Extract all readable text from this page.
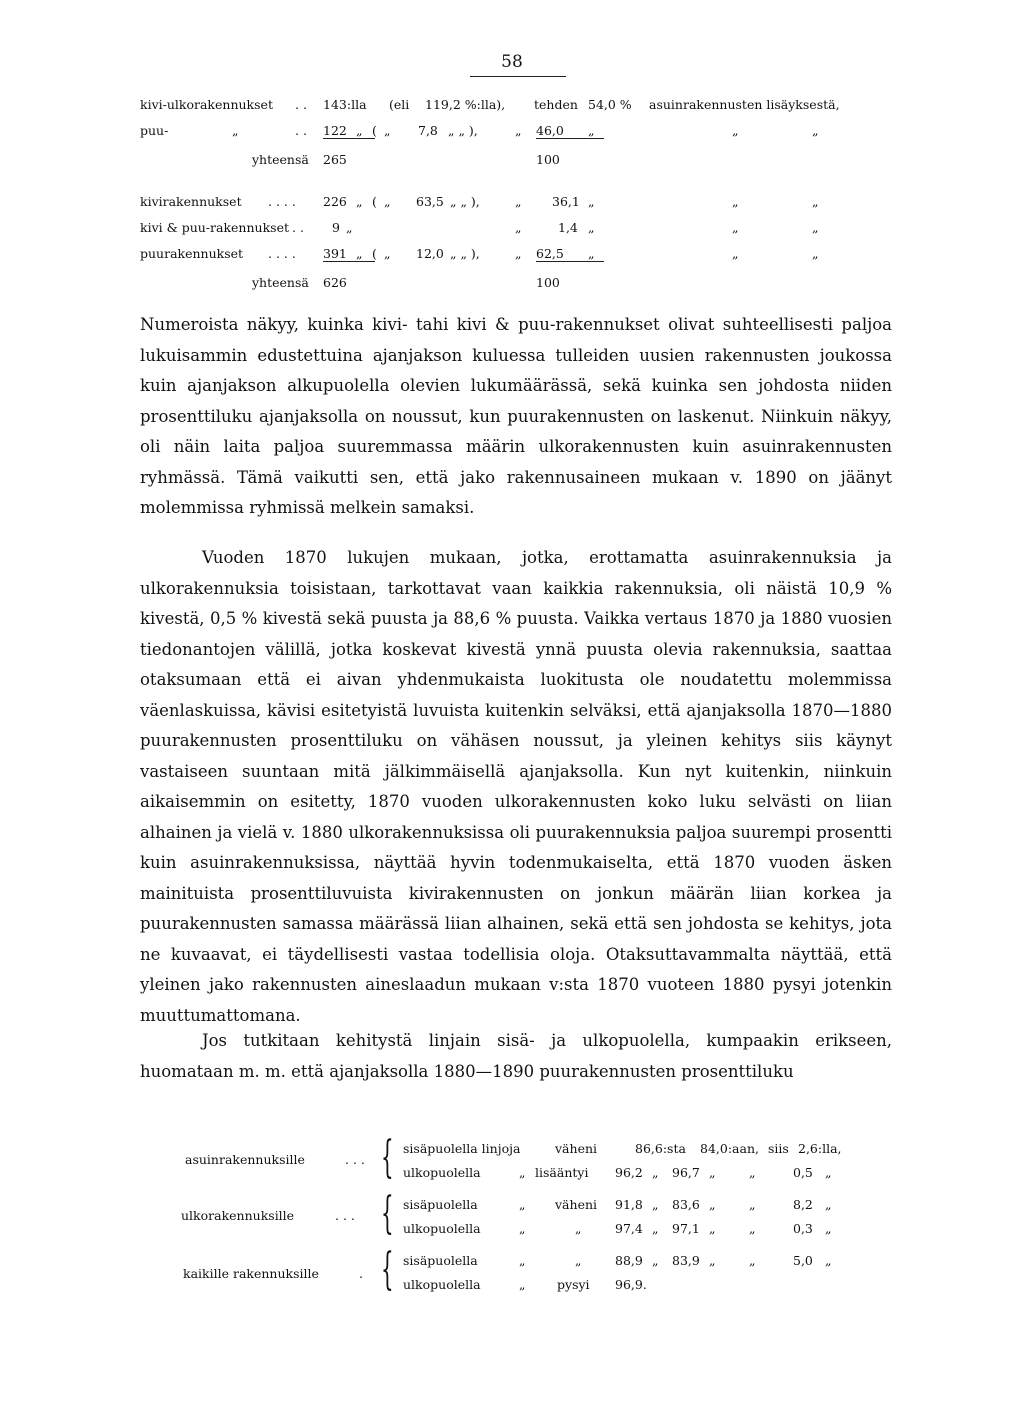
58
kivi-ulkorakennukset . . 143:lla (eli 119,2 %:lla), tehden 54,0 % asuinrakennusten lisäyksestä,
puu-	„	. . 122 „ ( „ 7,8 „ „ ),	„ 46,0	„	„	„
yhteensä 265	100
kivirakennukset . . . . 226 „ ( „ 63,5 „ „ ),	„ 36,1 „	„	„
kivi & puu-rakennukset . . 9 „	„	1,4 „	„	„
puurakennukset . . . . 391 „ ( „ 12,0 „ „ ),	„ 62,5	„	„	„
yhteensä 626	100

Numeroista näkyy, kuinka kivi- tahi kivi & puu-rakennukset olivat suhteellisesti paljoa lukuisammin edustettuina ajanjakson kuluessa tulleiden uusien rakennusten joukossa kuin ajanjakson alkupuolella olevien lukumäärässä, sekä kuinka sen johdosta niiden prosenttiluku ajanjaksolla on noussut, kun puurakennusten on laskenut. Niinkuin näkyy, oli näin laita paljoa suuremmassa määrin ulkorakennusten kuin asuinrakennusten ryhmässä. Tämä vaikutti sen, että jako rakennusaineen mukaan v. 1890 on jäänyt molemmissa ryhmissä melkein samaksi.

Vuoden 1870 lukujen mukaan, jotka, erottamatta asuinrakennuksia ja ulkorakennuksia toisistaan, tarkottavat vaan kaikkia rakennuksia, oli näistä 10,9 % kivestä, 0,5 % kivestä sekä puusta ja 88,6 % puusta. Vaikka vertaus 1870 ja 1880 vuosien tiedonantojen välillä, jotka koskevat kivestä ynnä puusta olevia rakennuksia, saattaa otaksumaan että ei aivan yhdenmukaista luokitusta ole noudatettu molemmissa väenlaskuissa, kävisi esitetyistä luvuista kuitenkin selväksi, että ajanjaksolla 1870—1880 puurakennusten prosenttiluku on vähäsen noussut, ja yleinen kehitys siis käynyt vastaiseen suuntaan mitä jälkimmäisellä ajanjaksolla. Kun nyt kuitenkin, niinkuin aikaisemmin on esitetty, 1870 vuoden ulkorakennusten koko luku selvästi on liian alhainen ja vielä v. 1880 ulkorakennuksissa oli puurakennuksia paljoa suurempi prosentti kuin asuinrakennuksissa, näyttää hyvin todenmukaiselta, että 1870 vuoden äsken mainituista prosenttiluvuista kivirakennusten on jonkun määrän liian korkea ja puurakennusten samassa määrässä liian alhainen, sekä että sen johdosta se kehitys, jota ne kuvaavat, ei täydellisesti vastaa todellisia oloja. Otaksuttavammalta näyttää, että yleinen jako rakennusten aineslaadun mukaan v:sta 1870 vuoteen 1880 pysyi jotenkin muuttumattomana.

Jos tutkitaan kehitystä linjain sisä- ja ulkopuolella, kumpaakin erikseen, huomataan m. m. että ajanjaksolla 1880—1890 puurakennusten prosenttiluku

asuinrakennuksille	. . . { sisäpuolella linjoja	väheni	86,6:sta 84,0:aan, siis 2,6:lla,
ulkopuolella	„ lisääntyi 96,2 „ 96,7 „	„	0,5 „
ulkorakennuksille	. . . { sisäpuolella	„ väheni 91,8 „ 83,6 „	„	8,2 „
ulkopuolella	„	„	97,4 „ 97,1 „	„	0,3 „
kaikille rakennuksille	. { sisäpuolella	„	„	88,9 „ 83,9 „	„	5,0 „
ulkopuolella	„	pysyi 96,9.
